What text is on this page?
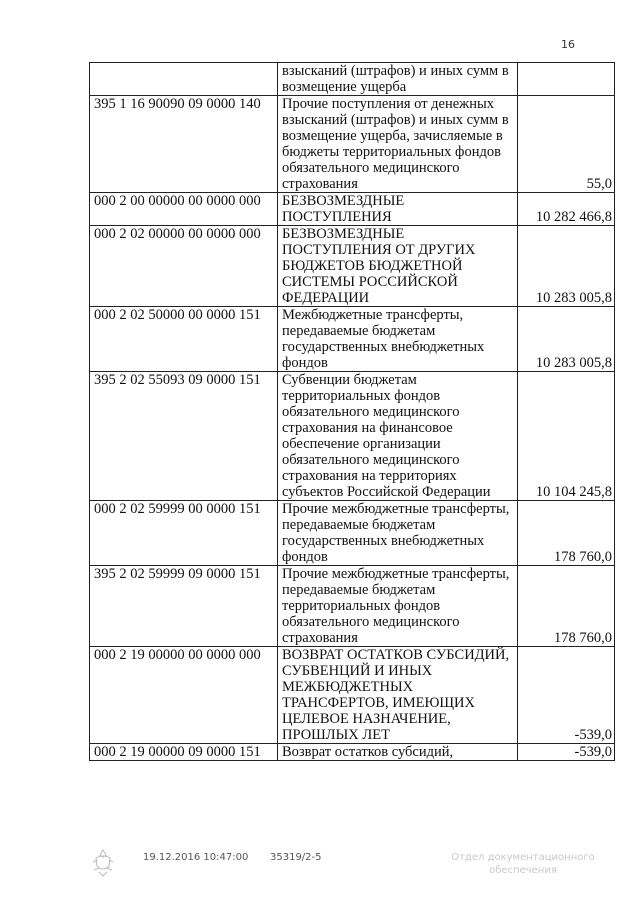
16
	взысканий (штрафов) и иных сумм в возмещение ущерба	
395 1 16 90090 09 0000 140	Прочие поступления от денежных взысканий (штрафов) и иных сумм в возмещение ущерба, зачисляемые в бюджеты территориальных фондов обязательного медицинского страхования	55,0
000 2 00 00000 00 0000 000	БЕЗВОЗМЕЗДНЫЕ ПОСТУПЛЕНИЯ	10 282 466,8
000 2 02 00000 00 0000 000	БЕЗВОЗМЕЗДНЫЕ ПОСТУПЛЕНИЯ ОТ ДРУГИХ БЮДЖЕТОВ БЮДЖЕТНОЙ СИСТЕМЫ РОССИЙСКОЙ ФЕДЕРАЦИИ	10 283 005,8
000 2 02 50000 00 0000 151	Межбюджетные трансферты, передаваемые бюджетам государственных внебюджетных фондов	10 283 005,8
395 2 02 55093 09 0000 151	Субвенции бюджетам территориальных фондов обязательного медицинского страхования на финансовое обеспечение организации обязательного медицинского страхования на территориях субъектов Российской Федерации	10 104 245,8
000 2 02 59999 00 0000 151	Прочие межбюджетные трансферты, передаваемые бюджетам государственных внебюджетных фондов	178 760,0
395 2 02 59999 09 0000 151	Прочие межбюджетные трансферты, передаваемые бюджетам территориальных фондов обязательного медицинского страхования	178 760,0
000 2 19 00000 00 0000 000	ВОЗВРАТ ОСТАТКОВ СУБСИДИЙ, СУБВЕНЦИЙ И ИНЫХ МЕЖБЮДЖЕТНЫХ ТРАНСФЕРТОВ, ИМЕЮЩИХ ЦЕЛЕВОЕ НАЗНАЧЕНИЕ, ПРОШЛЫХ ЛЕТ	-539,0
000 2 19 00000 09 0000 151	Возврат остатков субсидий,	-539,0
19.12.2016 10:47:00 35319/2-5	Отдел документационного
обеспечения
